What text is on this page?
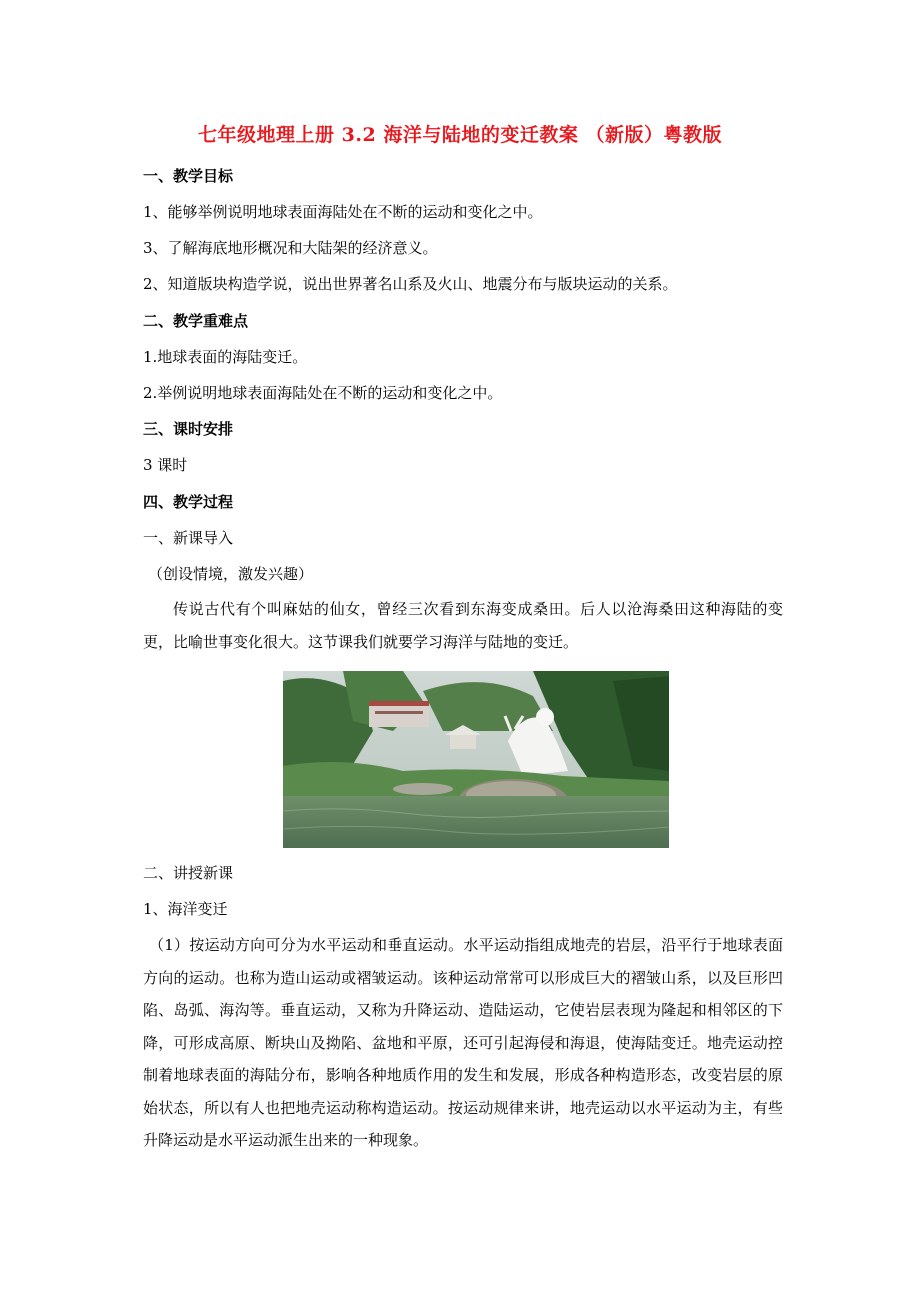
七年级地理上册 3.2 海洋与陆地的变迁教案 （新版）粤教版
一、教学目标
1、能够举例说明地球表面海陆处在不断的运动和变化之中。
3、了解海底地形概况和大陆架的经济意义。
2、知道版块构造学说，说出世界著名山系及火山、地震分布与版块运动的关系。
二、教学重难点
1.地球表面的海陆变迁。
2.举例说明地球表面海陆处在不断的运动和变化之中。
三、课时安排
3 课时
四、教学过程
一、新课导入
（创设情境，激发兴趣）
传说古代有个叫麻姑的仙女，曾经三次看到东海变成桑田。后人以沧海桑田这种海陆的变更，比喻世事变化很大。这节课我们就要学习海洋与陆地的变迁。
二、讲授新课
1、海洋变迁
（1）按运动方向可分为水平运动和垂直运动。水平运动指组成地壳的岩层，沿平行于地球表面方向的运动。也称为造山运动或褶皱运动。该种运动常常可以形成巨大的褶皱山系，以及巨形凹陷、岛弧、海沟等。垂直运动，又称为升降运动、造陆运动，它使岩层表现为隆起和相邻区的下降，可形成高原、断块山及拗陷、盆地和平原，还可引起海侵和海退，使海陆变迁。地壳运动控制着地球表面的海陆分布，影响各种地质作用的发生和发展，形成各种构造形态，改变岩层的原始状态，所以有人也把地壳运动称构造运动。按运动规律来讲，地壳运动以水平运动为主，有些升降运动是水平运动派生出来的一种现象。
